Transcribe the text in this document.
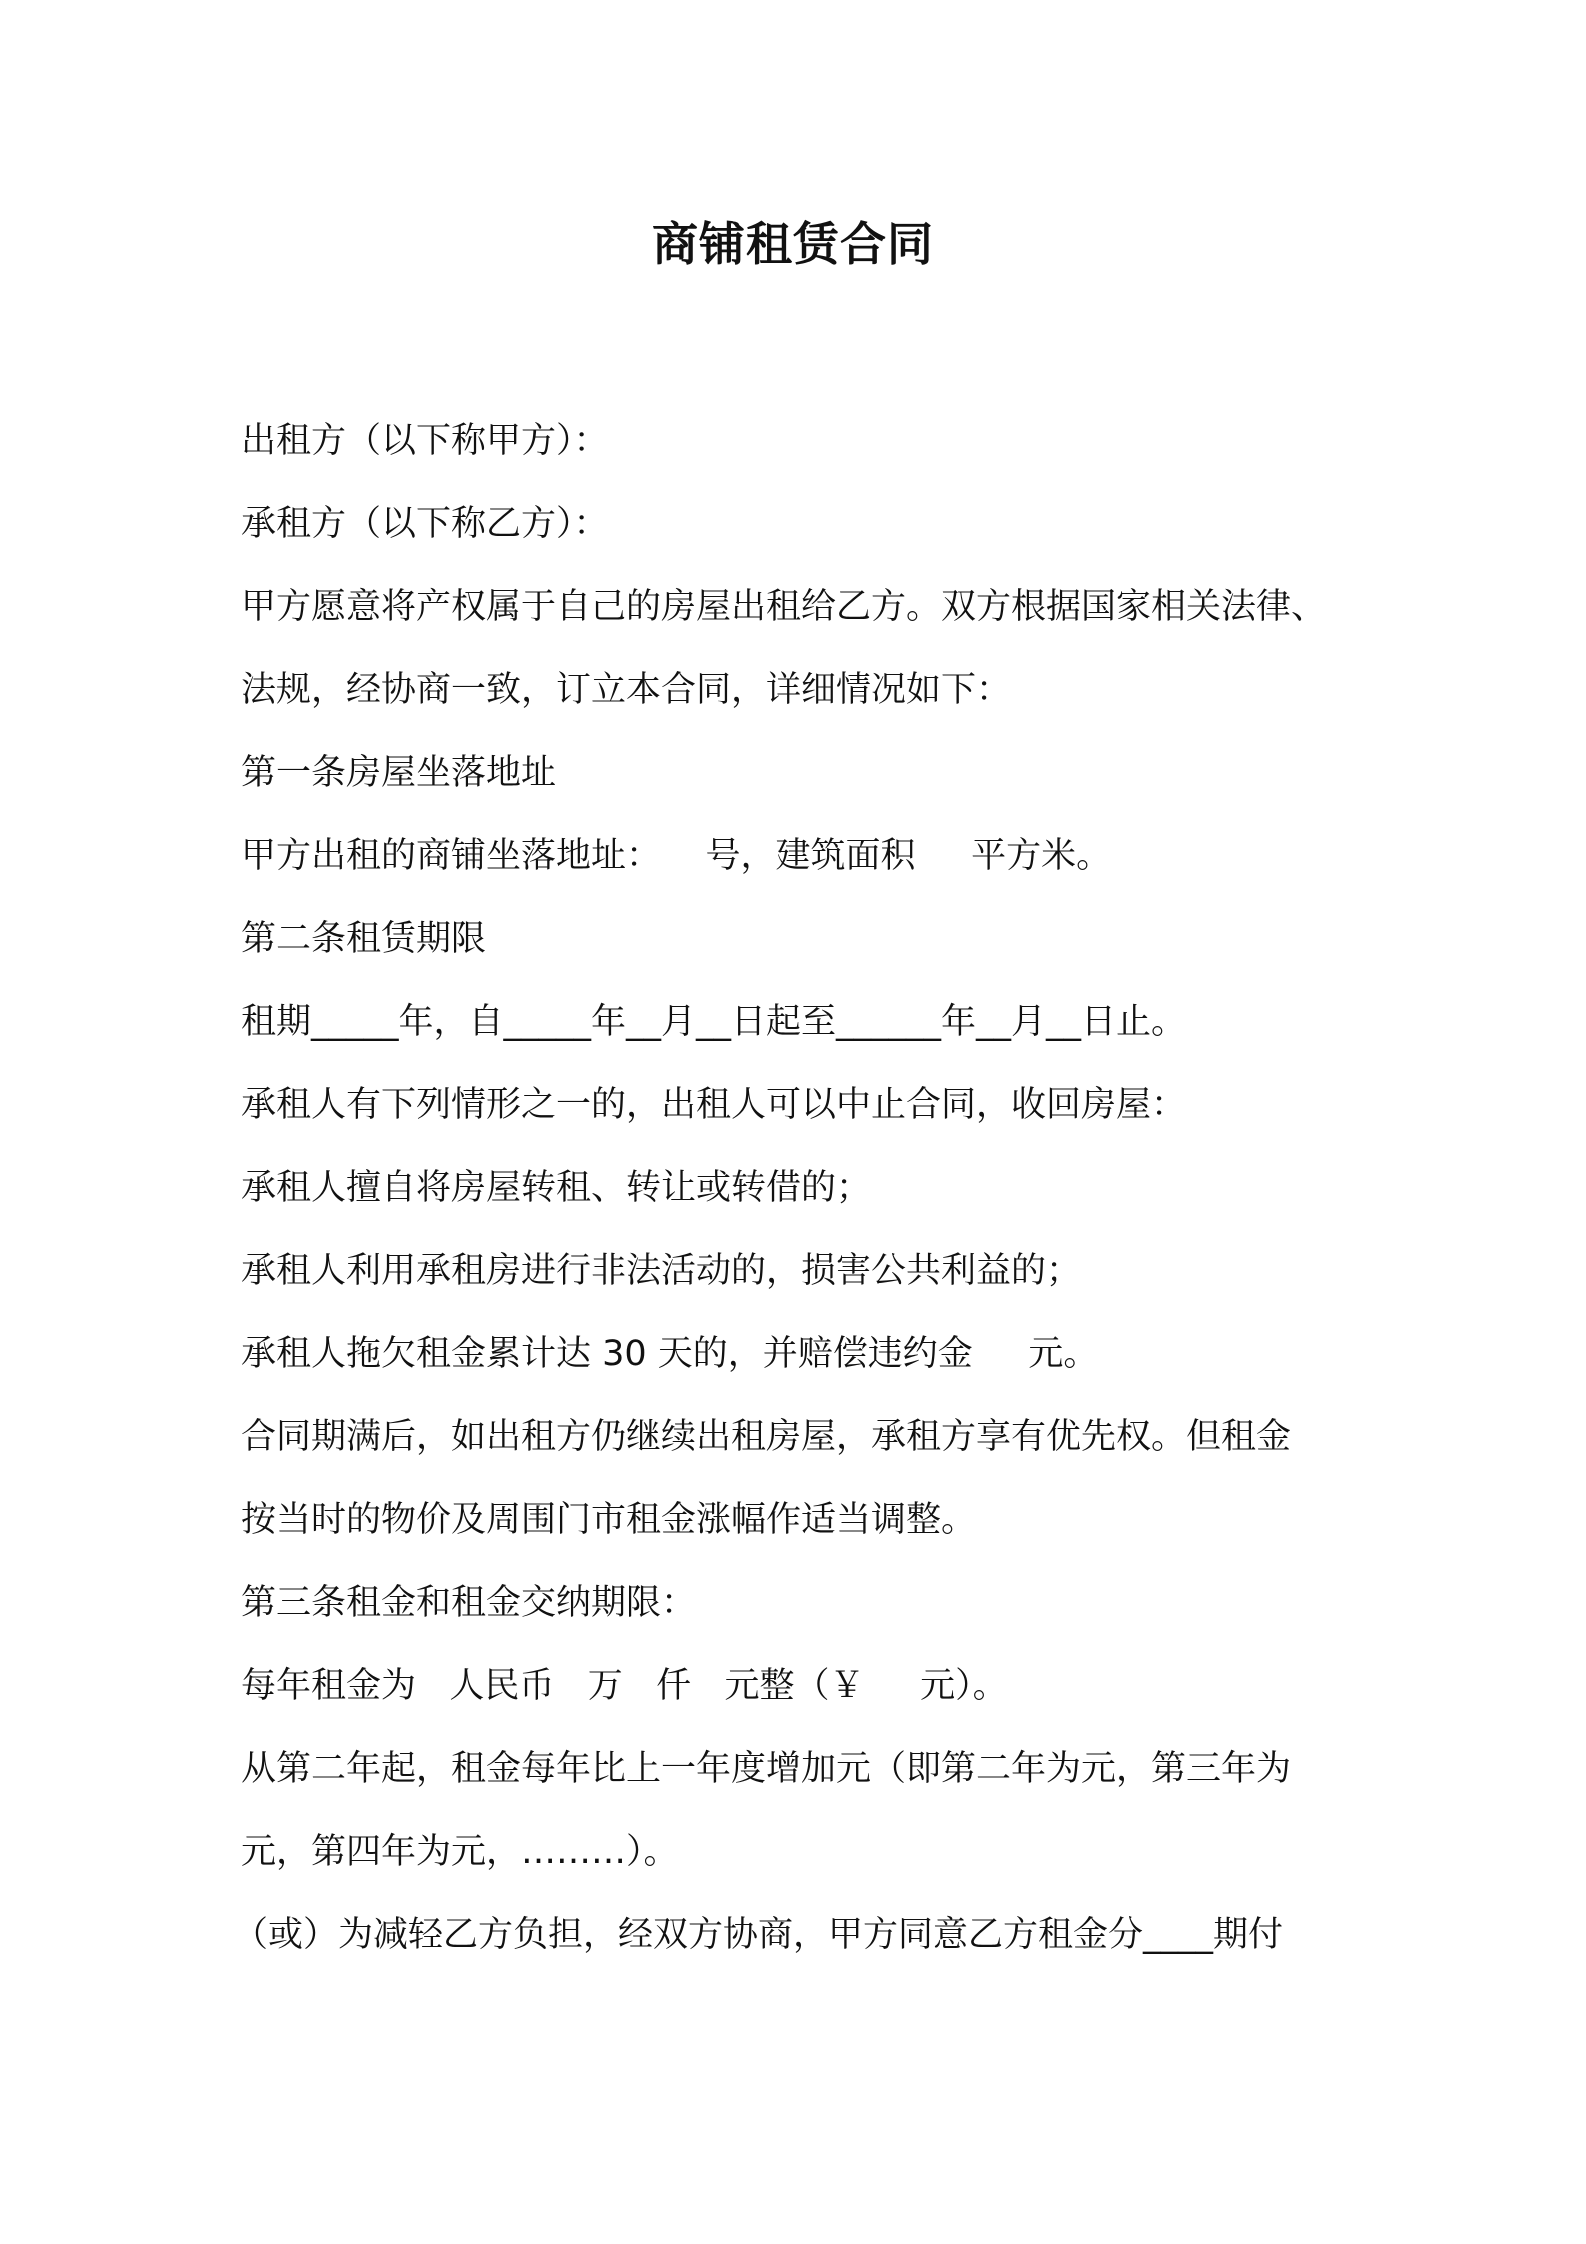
商铺租赁合同

出租方（以下称甲方）：

承租方（以下称乙方）：

甲方愿意将产权属于自己的房屋出租给乙方。双方根据国家相关法律、

法规，经协商一致，订立本合同，详细情况如下：

第一条房屋坐落地址

甲方出租的商铺坐落地址：    号，建筑面积     平方米。

第二条租赁期限

租期_____年，自_____年__月__日起至______年__月__日止。

承租人有下列情形之一的，出租人可以中止合同，收回房屋：

承租人擅自将房屋转租、转让或转借的；

承租人利用承租房进行非法活动的，损害公共利益的；

承租人拖欠租金累计达 30 天的，并赔偿违约金     元。

合同期满后，如出租方仍继续出租房屋，承租方享有优先权。但租金

按当时的物价及周围门市租金涨幅作适当调整。

第三条租金和租金交纳期限：

每年租金为   人民币   万   仟   元整（￥     元）。

从第二年起，租金每年比上一年度增加元（即第二年为元，第三年为

元，第四年为元，………）。

（或）为减轻乙方负担，经双方协商，甲方同意乙方租金分____期付
